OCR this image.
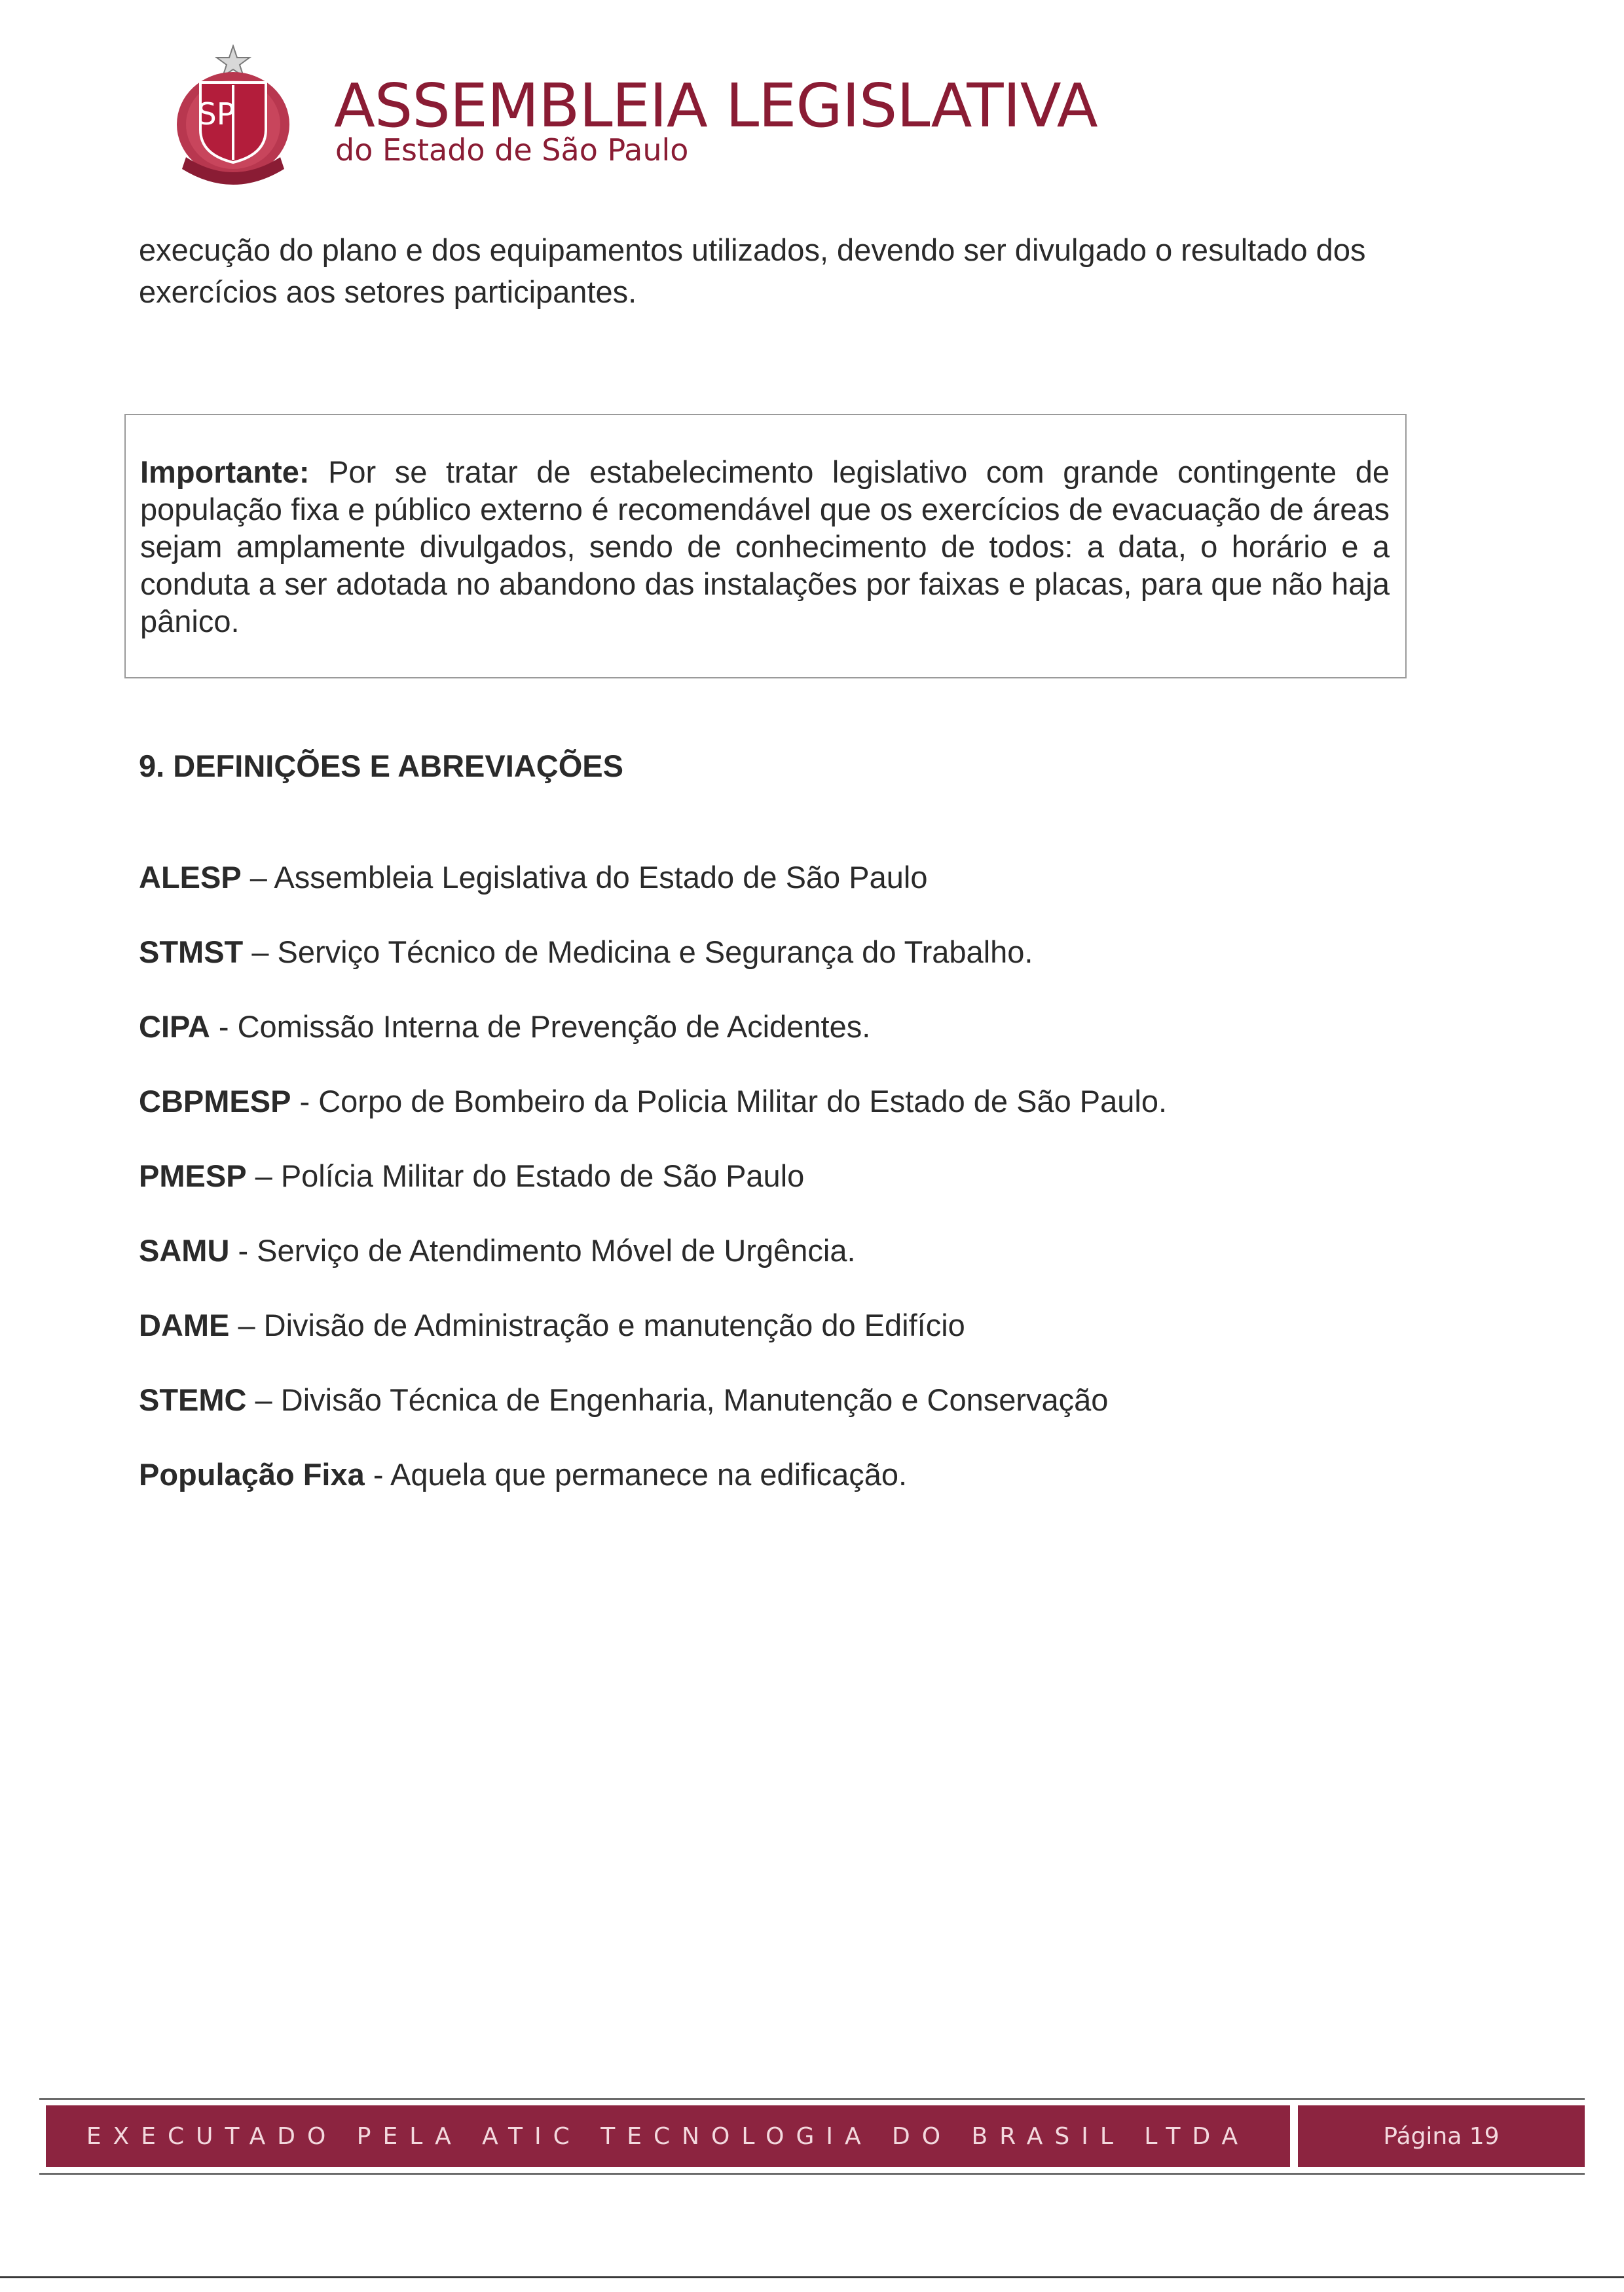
SP ASSEMBLEIA LEGISLATIVA
do Estado de São Paulo

execução do plano e dos equipamentos utilizados, devendo ser divulgado o resultado dos exercícios aos setores participantes.

Importante: Por se tratar de estabelecimento legislativo com grande contingente de população fixa e público externo é recomendável que os exercícios de evacuação de áreas sejam amplamente divulgados, sendo de conhecimento de todos: a data, o horário e a conduta a ser adotada no abandono das instalações por faixas e placas, para que não haja pânico.
9. DEFINIÇÕES E ABREVIAÇÕES
ALESP – Assembleia Legislativa do Estado de São Paulo
STMST – Serviço Técnico de Medicina e Segurança do Trabalho.
CIPA - Comissão Interna de Prevenção de Acidentes.
CBPMESP - Corpo de Bombeiro da Policia Militar do Estado de São Paulo.
PMESP – Polícia Militar do Estado de São Paulo
SAMU - Serviço de Atendimento Móvel de Urgência.
DAME – Divisão de Administração e manutenção do Edifício
STEMC – Divisão Técnica de Engenharia, Manutenção e Conservação
População Fixa - Aquela que permanece na edificação.
EXECUTADO PELA ATIC TECNOLOGIA DO BRASIL LTDA	Página 19
